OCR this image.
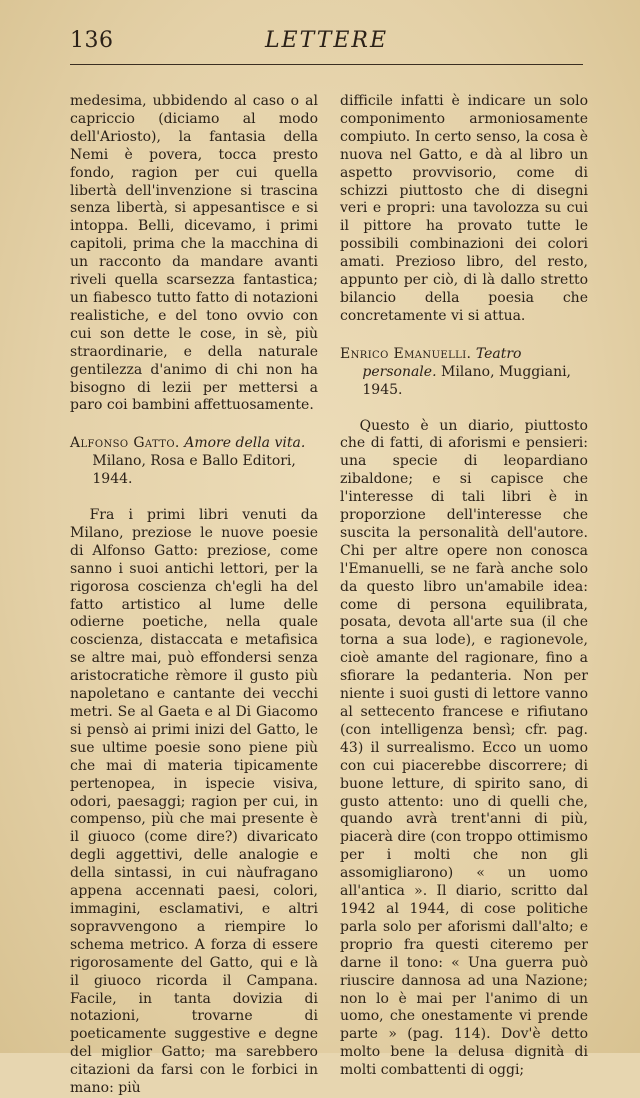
136	LETTERE

medesima, ubbidendo al caso o al capriccio (diciamo al modo dell'Ariosto), la fantasia della Nemi è povera, tocca presto fondo, ragion per cui quella libertà dell'invenzione si trascina senza libertà, si appesantisce e si intoppa. Belli, dicevamo, i primi capitoli, prima che la macchina di un racconto da mandare avanti riveli quella scarsezza fantastica; un fiabesco tutto fatto di notazioni realistiche, e del tono ovvio con cui son dette le cose, in sè, più straordinarie, e della naturale gentilezza d'animo di chi non ha bisogno di lezii per mettersi a paro coi bambini affettuosamente.

Alfonso Gatto. Amore della vita. Milano, Rosa e Ballo Editori, 1944.

Fra i primi libri venuti da Milano, preziose le nuove poesie di Alfonso Gatto: preziose, come sanno i suoi antichi lettori, per la rigorosa coscienza ch'egli ha del fatto artistico al lume delle odierne poetiche, nella quale coscienza, distaccata e metafisica se altre mai, può effondersi senza aristocratiche rèmore il gusto più napoletano e cantante dei vecchi metri. Se al Gaeta e al Di Giacomo si pensò ai primi inizi del Gatto, le sue ultime poesie sono piene più che mai di materia tipicamente pertenopea, in ispecie visiva, odori, paesaggi; ragion per cui, in compenso, più che mai presente è il giuoco (come dire?) divaricato degli aggettivi, delle analogie e della sintassi, in cui nàufragano appena accennati paesi, colori, immagini, esclamativi, e altri sopravvengono a riempire lo schema metrico. A forza di essere rigorosamente del Gatto, qui e là il giuoco ricorda il Campana. Facile, in tanta dovizia di notazioni, trovarne di poeticamente suggestive e degne del miglior Gatto; ma sarebbero citazioni da farsi con le forbici in mano: più

difficile infatti è indicare un solo componimento armoniosamente compiuto. In certo senso, la cosa è nuova nel Gatto, e dà al libro un aspetto provvisorio, come di schizzi piuttosto che di disegni veri e propri: una tavolozza su cui il pittore ha provato tutte le possibili combinazioni dei colori amati. Prezioso libro, del resto, appunto per ciò, di là dallo stretto bilancio della poesia che concretamente vi si attua.

Enrico Emanuelli. Teatro personale. Milano, Muggiani, 1945.

Questo è un diario, piuttosto che di fatti, di aforismi e pensieri: una specie di leopardiano zibaldone; e si capisce che l'interesse di tali libri è in proporzione dell'interesse che suscita la personalità dell'autore. Chi per altre opere non conosca l'Emanuelli, se ne farà anche solo da questo libro un'amabile idea: come di persona equilibrata, posata, devota all'arte sua (il che torna a sua lode), e ragionevole, cioè amante del ragionare, fino a sfiorare la pedanteria. Non per niente i suoi gusti di lettore vanno al settecento francese e rifiutano (con intelligenza bensì; cfr. pag. 43) il surrealismo. Ecco un uomo con cui piacerebbe discorrere; di buone letture, di spirito sano, di gusto attento: uno di quelli che, quando avrà trent'anni di più, piacerà dire (con troppo ottimismo per i molti che non gli assomigliarono) « un uomo all'antica ». Il diario, scritto dal 1942 al 1944, di cose politiche parla solo per aforismi dall'alto; e proprio fra questi citeremo per darne il tono: « Una guerra può riuscire dannosa ad una Nazione; non lo è mai per l'animo di un uomo, che onestamente vi prende parte » (pag. 114). Dov'è detto molto bene la delusa dignità di molti combattenti di oggi;
